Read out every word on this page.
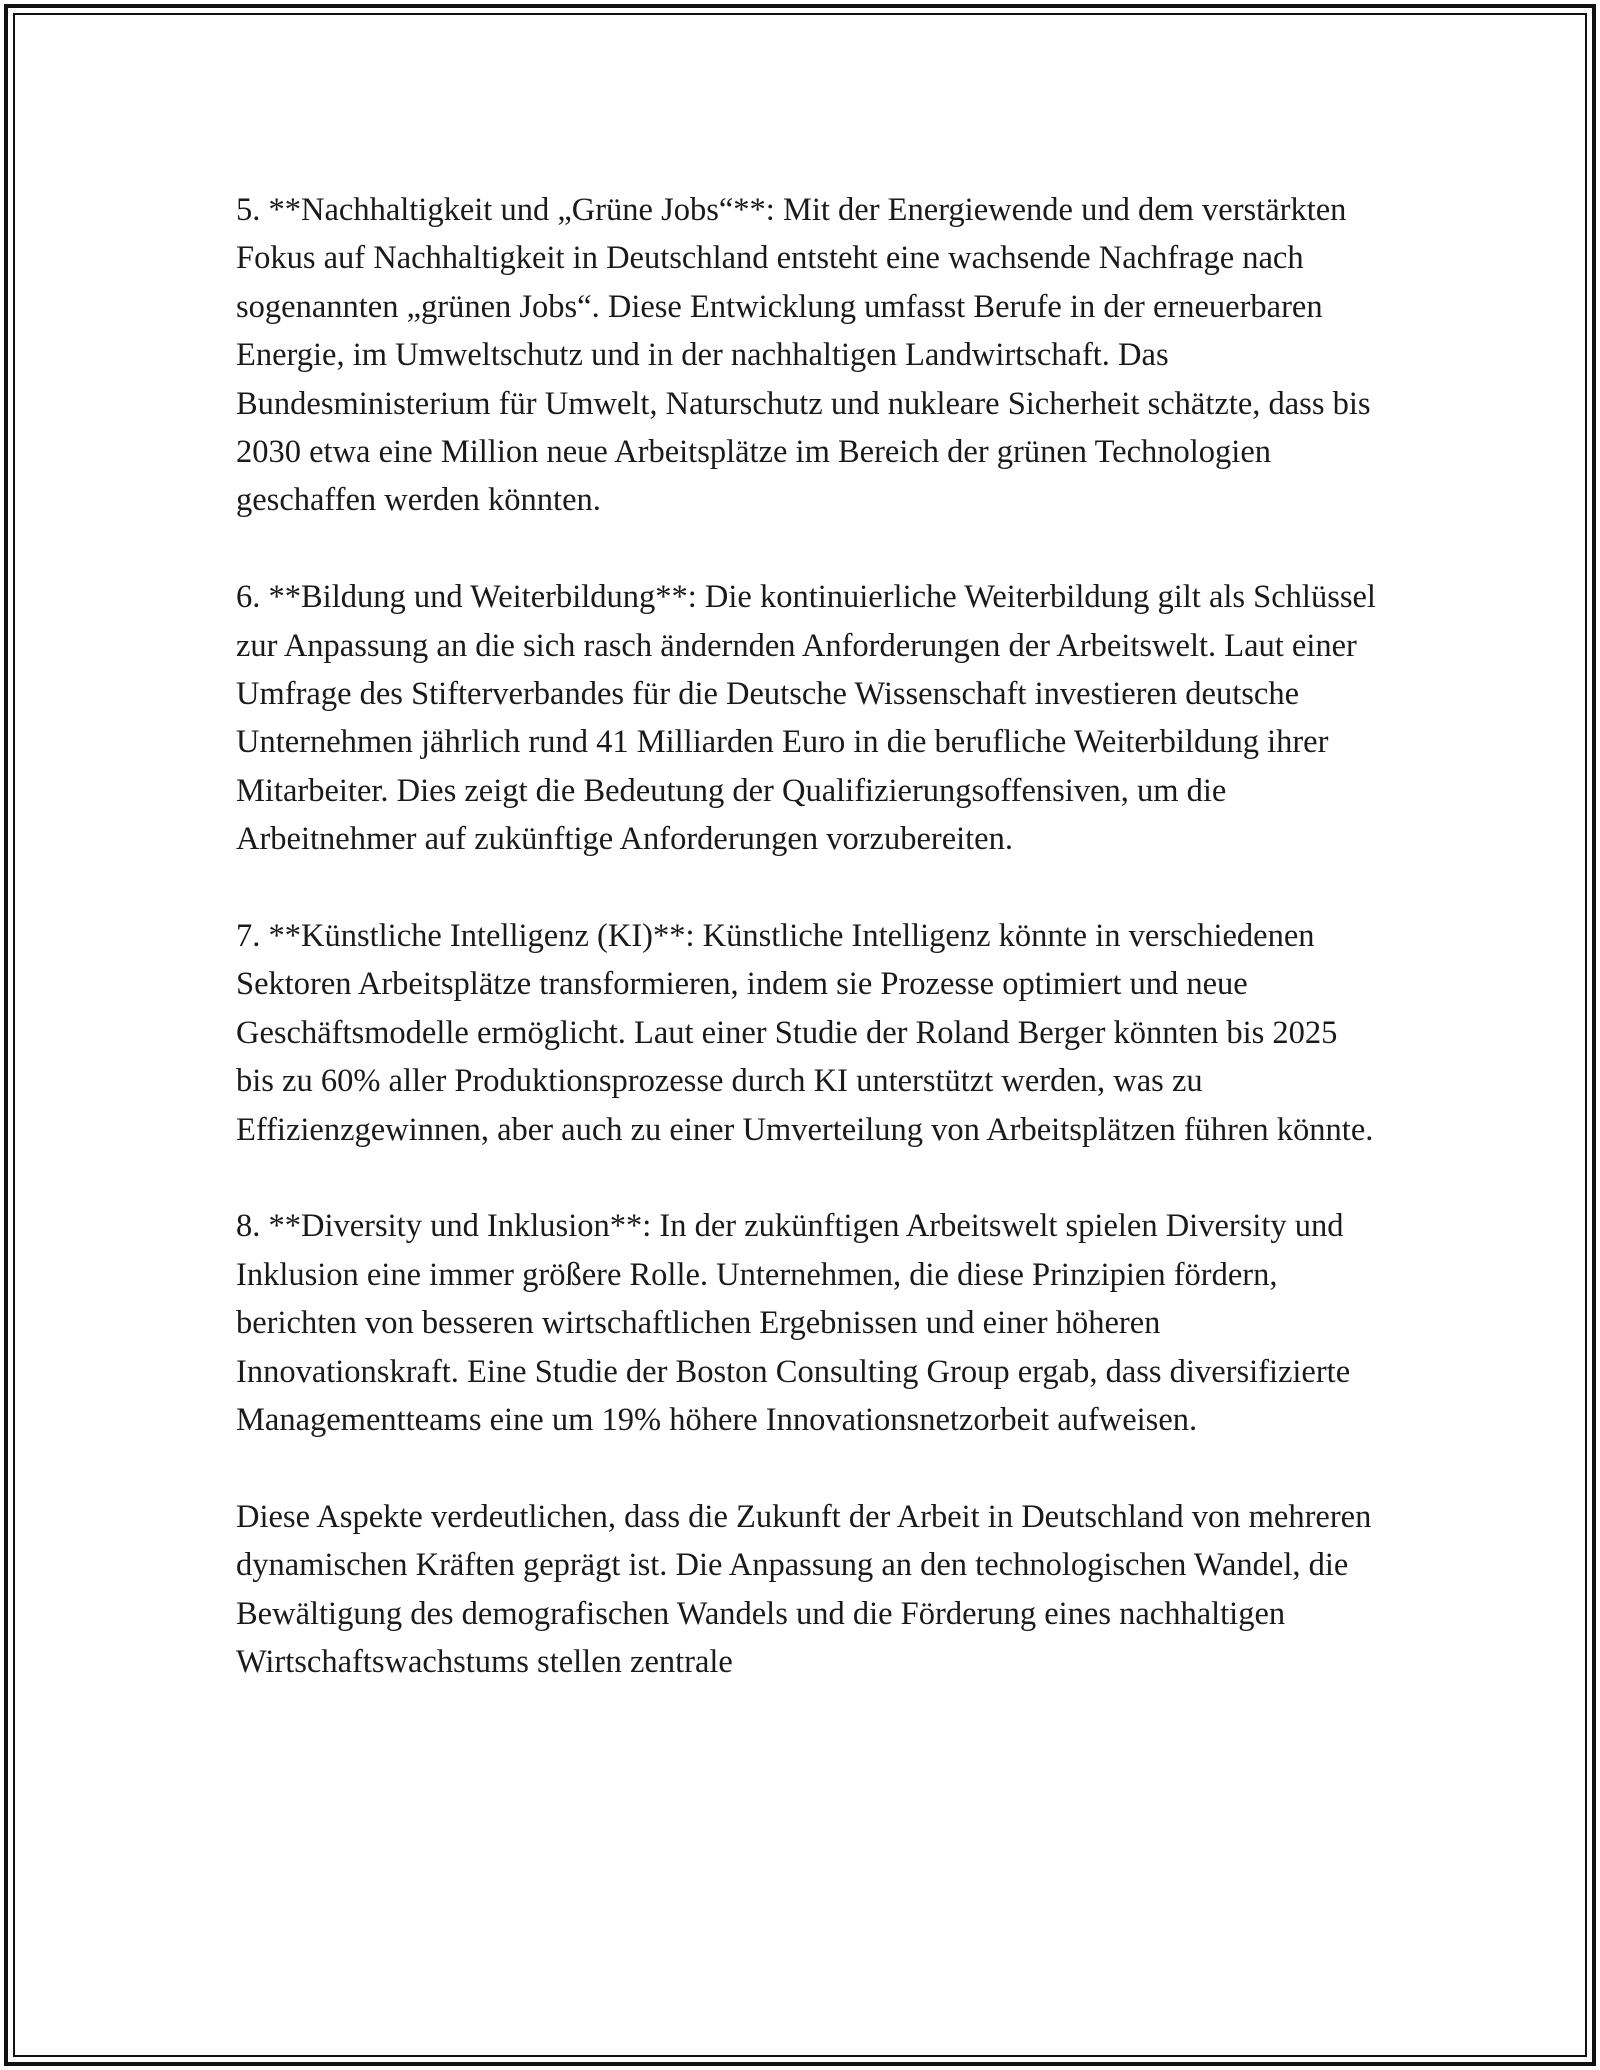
5. **Nachhaltigkeit und „Grüne Jobs“**: Mit der Energiewende und dem verstärkten Fokus auf Nachhaltigkeit in Deutschland entsteht eine wachsende Nachfrage nach sogenannten „grünen Jobs“. Diese Entwicklung umfasst Berufe in der erneuerbaren Energie, im Umweltschutz und in der nachhaltigen Landwirtschaft. Das Bundesministerium für Umwelt, Naturschutz und nukleare Sicherheit schätzte, dass bis 2030 etwa eine Million neue Arbeitsplätze im Bereich der grünen Technologien geschaffen werden könnten.

6. **Bildung und Weiterbildung**: Die kontinuierliche Weiterbildung gilt als Schlüssel zur Anpassung an die sich rasch ändernden Anforderungen der Arbeitswelt. Laut einer Umfrage des Stifterverbandes für die Deutsche Wissenschaft investieren deutsche Unternehmen jährlich rund 41 Milliarden Euro in die berufliche Weiterbildung ihrer Mitarbeiter. Dies zeigt die Bedeutung der Qualifizierungsoffensiven, um die Arbeitnehmer auf zukünftige Anforderungen vorzubereiten.

7. **Künstliche Intelligenz (KI)**: Künstliche Intelligenz könnte in verschiedenen Sektoren Arbeitsplätze transformieren, indem sie Prozesse optimiert und neue Geschäftsmodelle ermöglicht. Laut einer Studie der Roland Berger könnten bis 2025 bis zu 60% aller Produktionsprozesse durch KI unterstützt werden, was zu Effizienzgewinnen, aber auch zu einer Umverteilung von Arbeitsplätzen führen könnte.

8. **Diversity und Inklusion**: In der zukünftigen Arbeitswelt spielen Diversity und Inklusion eine immer größere Rolle. Unternehmen, die diese Prinzipien fördern, berichten von besseren wirtschaftlichen Ergebnissen und einer höheren Innovationskraft. Eine Studie der Boston Consulting Group ergab, dass diversifizierte Managementteams eine um 19% höhere Innovationsnetzorbeit aufweisen.

Diese Aspekte verdeutlichen, dass die Zukunft der Arbeit in Deutschland von mehreren dynamischen Kräften geprägt ist. Die Anpassung an den technologischen Wandel, die Bewältigung des demografischen Wandels und die Förderung eines nachhaltigen Wirtschaftswachstums stellen zentrale
